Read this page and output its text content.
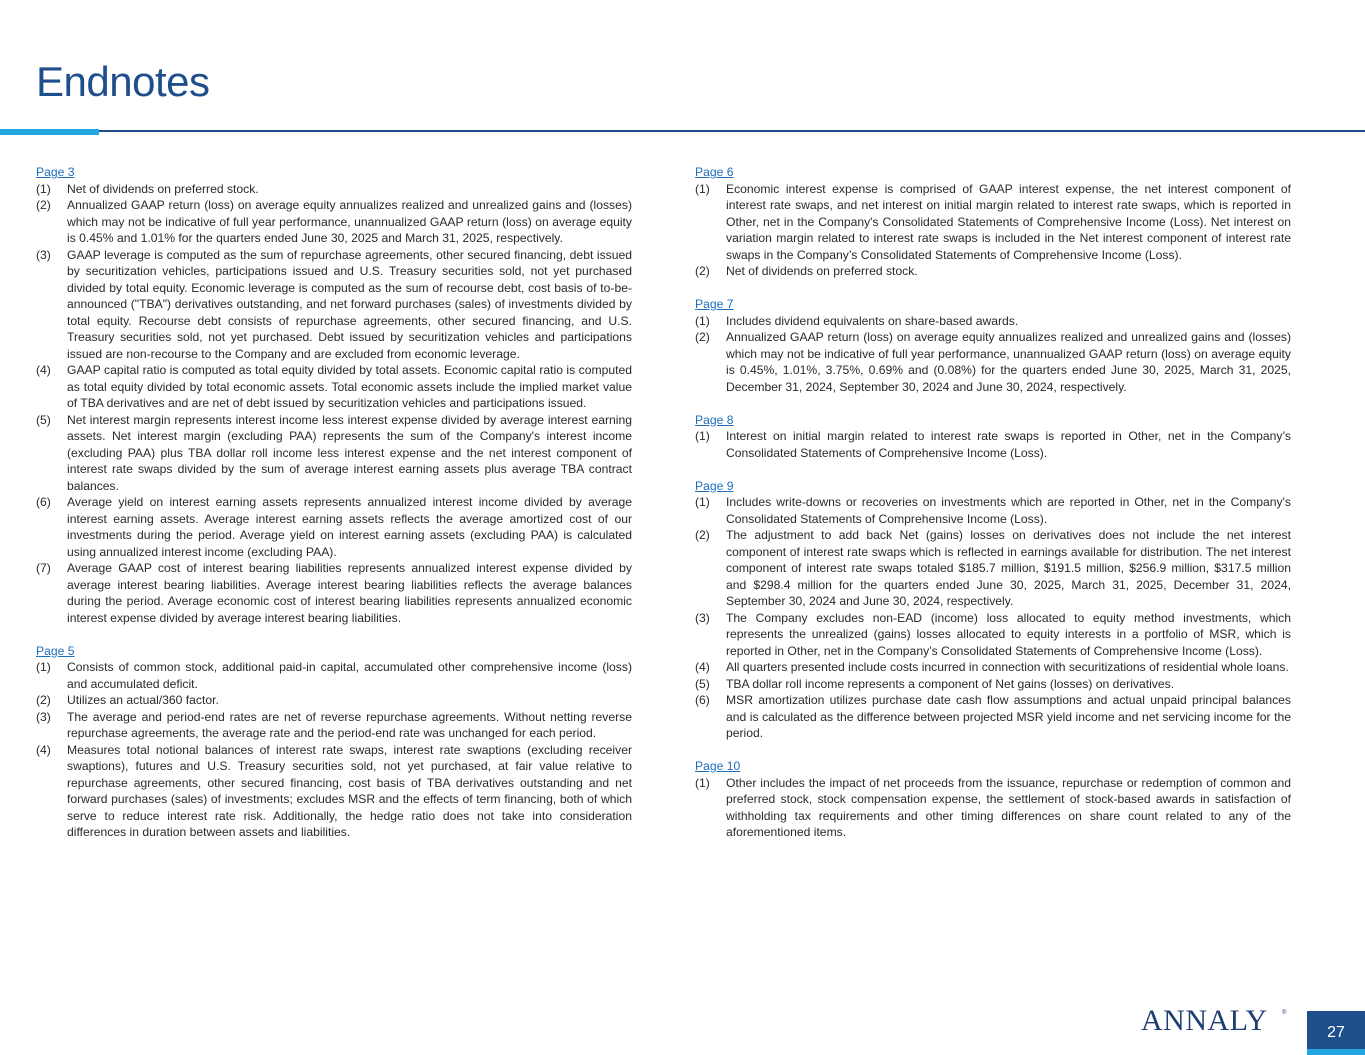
Endnotes
Page 3
(1)	Net of dividends on preferred stock.
(2)	Annualized GAAP return (loss) on average equity annualizes realized and unrealized gains and (losses) which may not be indicative of full year performance, unannualized GAAP return (loss) on average equity is 0.45% and 1.01% for the quarters ended June 30, 2025 and March 31, 2025, respectively.
(3)	GAAP leverage is computed as the sum of repurchase agreements, other secured financing, debt issued by securitization vehicles, participations issued and U.S. Treasury securities sold, not yet purchased divided by total equity. Economic leverage is computed as the sum of recourse debt, cost basis of to-be-announced ("TBA") derivatives outstanding, and net forward purchases (sales) of investments divided by total equity. Recourse debt consists of repurchase agreements, other secured financing, and U.S. Treasury securities sold, not yet purchased. Debt issued by securitization vehicles and participations issued are non-recourse to the Company and are excluded from economic leverage.
(4)	GAAP capital ratio is computed as total equity divided by total assets. Economic capital ratio is computed as total equity divided by total economic assets. Total economic assets include the implied market value of TBA derivatives and are net of debt issued by securitization vehicles and participations issued.
(5)	Net interest margin represents interest income less interest expense divided by average interest earning assets. Net interest margin (excluding PAA) represents the sum of the Company's interest income (excluding PAA) plus TBA dollar roll income less interest expense and the net interest component of interest rate swaps divided by the sum of average interest earning assets plus average TBA contract balances.
(6)	Average yield on interest earning assets represents annualized interest income divided by average interest earning assets. Average interest earning assets reflects the average amortized cost of our investments during the period. Average yield on interest earning assets (excluding PAA) is calculated using annualized interest income (excluding PAA).
(7)	Average GAAP cost of interest bearing liabilities represents annualized interest expense divided by average interest bearing liabilities. Average interest bearing liabilities reflects the average balances during the period. Average economic cost of interest bearing liabilities represents annualized economic interest expense divided by average interest bearing liabilities.
Page 5
(1)	Consists of common stock, additional paid-in capital, accumulated other comprehensive income (loss) and accumulated deficit.
(2)	Utilizes an actual/360 factor.
(3)	The average and period-end rates are net of reverse repurchase agreements. Without netting reverse repurchase agreements, the average rate and the period-end rate was unchanged for each period.
(4)	Measures total notional balances of interest rate swaps, interest rate swaptions (excluding receiver swaptions), futures and U.S. Treasury securities sold, not yet purchased, at fair value relative to repurchase agreements, other secured financing, cost basis of TBA derivatives outstanding and net forward purchases (sales) of investments; excludes MSR and the effects of term financing, both of which serve to reduce interest rate risk. Additionally, the hedge ratio does not take into consideration differences in duration between assets and liabilities.
Page 6
(1)	Economic interest expense is comprised of GAAP interest expense, the net interest component of interest rate swaps, and net interest on initial margin related to interest rate swaps, which is reported in Other, net in the Company's Consolidated Statements of Comprehensive Income (Loss). Net interest on variation margin related to interest rate swaps is included in the Net interest component of interest rate swaps in the Company’s Consolidated Statements of Comprehensive Income (Loss).
(2)	Net of dividends on preferred stock.
Page 7
(1)	Includes dividend equivalents on share-based awards.
(2)	Annualized GAAP return (loss) on average equity annualizes realized and unrealized gains and (losses) which may not be indicative of full year performance, unannualized GAAP return (loss) on average equity is 0.45%, 1.01%, 3.75%, 0.69% and (0.08%) for the quarters ended June 30, 2025, March 31, 2025, December 31, 2024, September 30, 2024 and June 30, 2024, respectively.
Page 8
(1)	Interest on initial margin related to interest rate swaps is reported in Other, net in the Company’s Consolidated Statements of Comprehensive Income (Loss).
Page 9
(1)	Includes write-downs or recoveries on investments which are reported in Other, net in the Company's Consolidated Statements of Comprehensive Income (Loss).
(2)	The adjustment to add back Net (gains) losses on derivatives does not include the net interest component of interest rate swaps which is reflected in earnings available for distribution. The net interest component of interest rate swaps totaled $185.7 million, $191.5 million, $256.9 million, $317.5 million and $298.4 million for the quarters ended June 30, 2025, March 31, 2025, December 31, 2024, September 30, 2024 and June 30, 2024, respectively.
(3)	The Company excludes non-EAD (income) loss allocated to equity method investments, which represents the unrealized (gains) losses allocated to equity interests in a portfolio of MSR, which is reported in Other, net in the Company’s Consolidated Statements of Comprehensive Income (Loss).
(4)	All quarters presented include costs incurred in connection with securitizations of residential whole loans.
(5)	TBA dollar roll income represents a component of Net gains (losses) on derivatives.
(6)	MSR amortization utilizes purchase date cash flow assumptions and actual unpaid principal balances and is calculated as the difference between projected MSR yield income and net servicing income for the period.
Page 10
(1)	Other includes the impact of net proceeds from the issuance, repurchase or redemption of common and preferred stock, stock compensation expense, the settlement of stock-based awards in satisfaction of withholding tax requirements and other timing differences on share count related to any of the aforementioned items.
ANNALY ®
27
